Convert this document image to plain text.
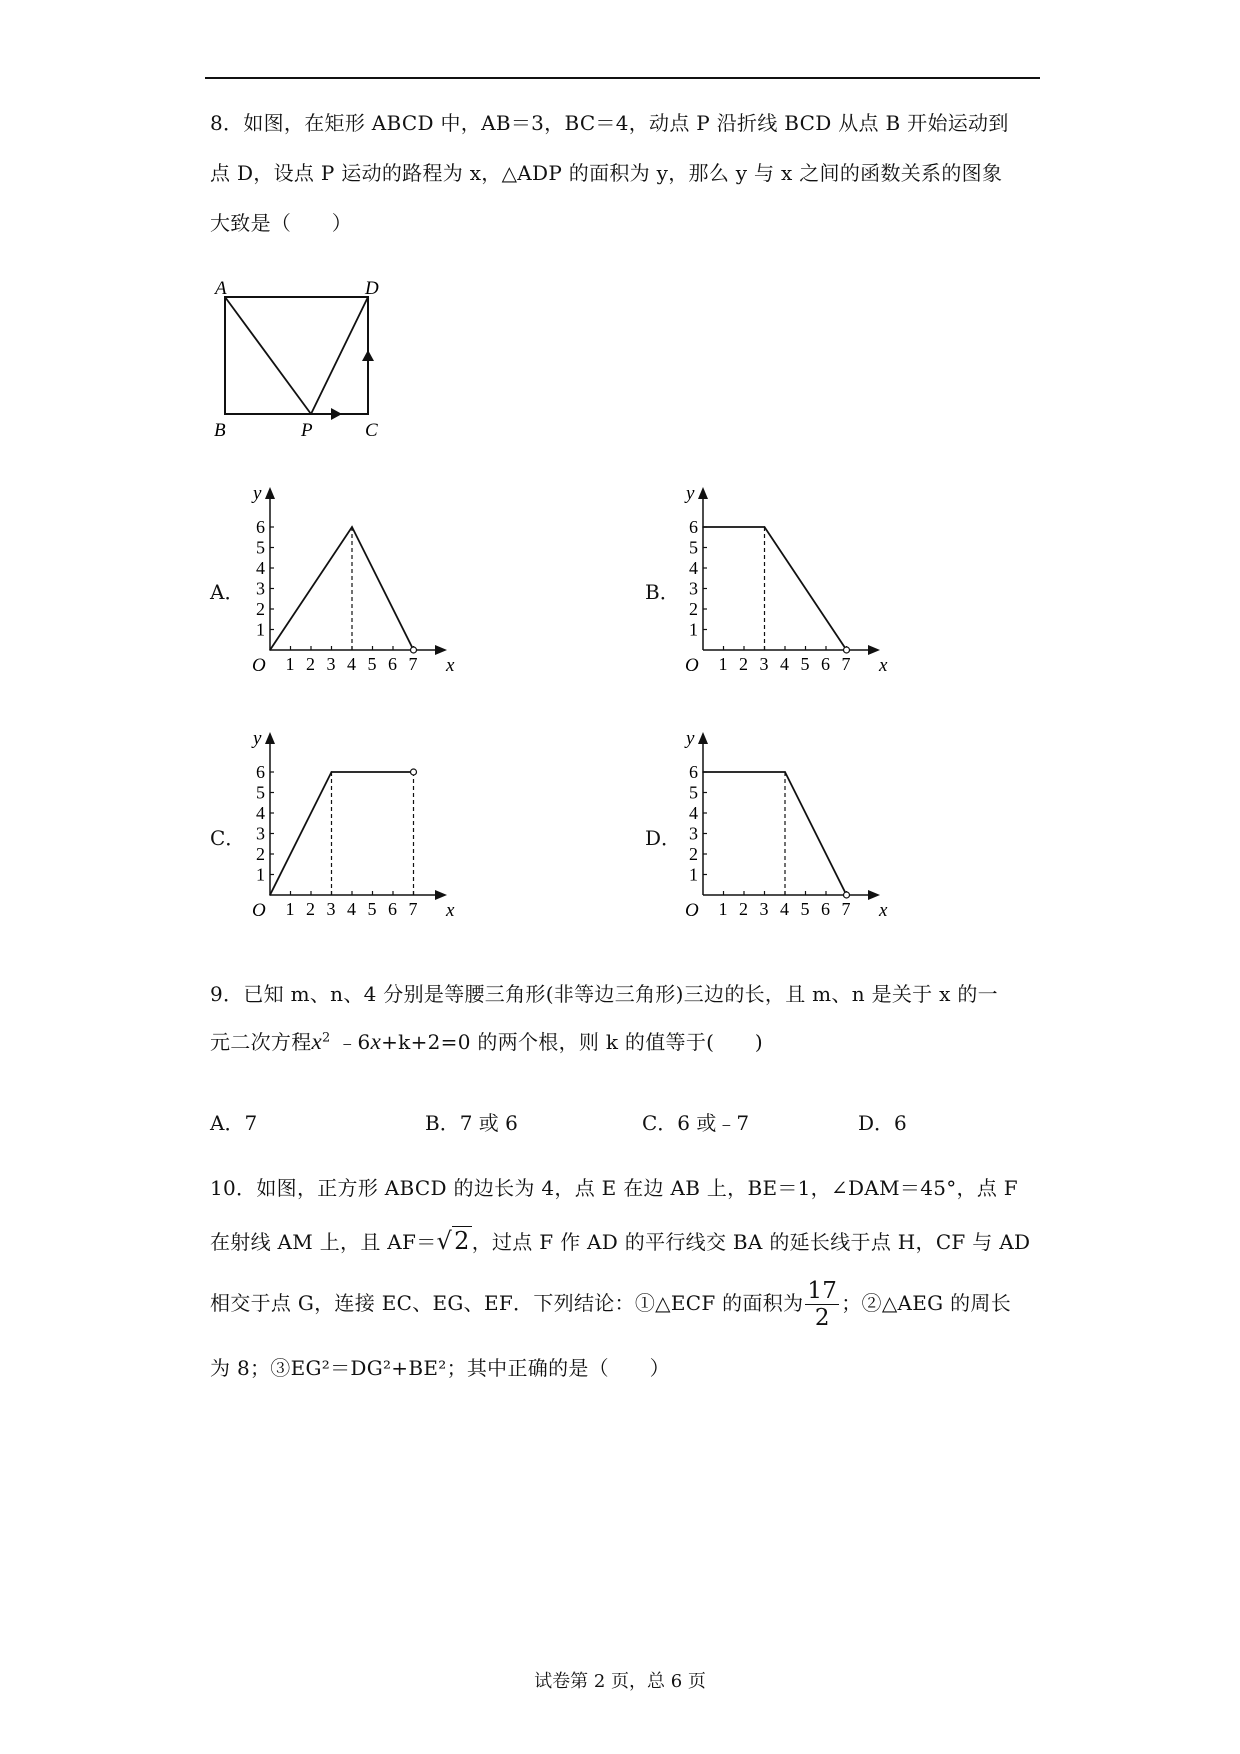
8．如图，在矩形 ABCD 中，AB＝3，BC＝4，动点 P 沿折线 BCD 从点 B 开始运动到
点 D，设点 P 运动的路程为 x，△ADP 的面积为 y，那么 y 与 x 之间的函数关系的图象
大致是（　　）
A	D
B	P	C
A．	B．
C．	D．
x
y
O 1 2 3 4 5 6 7
1
2
3
4
5
6
x
y
O 1 2 3 4 5 6 7
1
2
3
4
5
6
x
y
O 1 2 3 4 5 6 7
1
2
3
4
5
6
x
y
O 1 2 3 4 5 6 7
1
2
3
4
5
6
9．已知 m、n、4 分别是等腰三角形(非等边三角形)三边的长，且 m、n 是关于 x 的一
元二次方程$x^2$ ﹣6x+k+2=0 的两个根，则 k 的值等于(　　)
A．7	B．7 或 6	C．6 或﹣7	D．6
10．如图，正方形 ABCD 的边长为 4，点 E 在边 AB 上，BE＝1，∠DAM＝45°，点 F
在射线 AM 上，且 AF＝√2 ，过点 F 作 AD 的平行线交 BA 的延长线于点 H，CF 与 AD
相交于点 G，连接 EC、EG、EF．下列结论：①△ECF 的面积为 $\frac{17}{2}$ ；②△AEG 的周长
为 8；③EG²＝DG²+BE²；其中正确的是（　　）
试卷第 2 页，总 6 页
